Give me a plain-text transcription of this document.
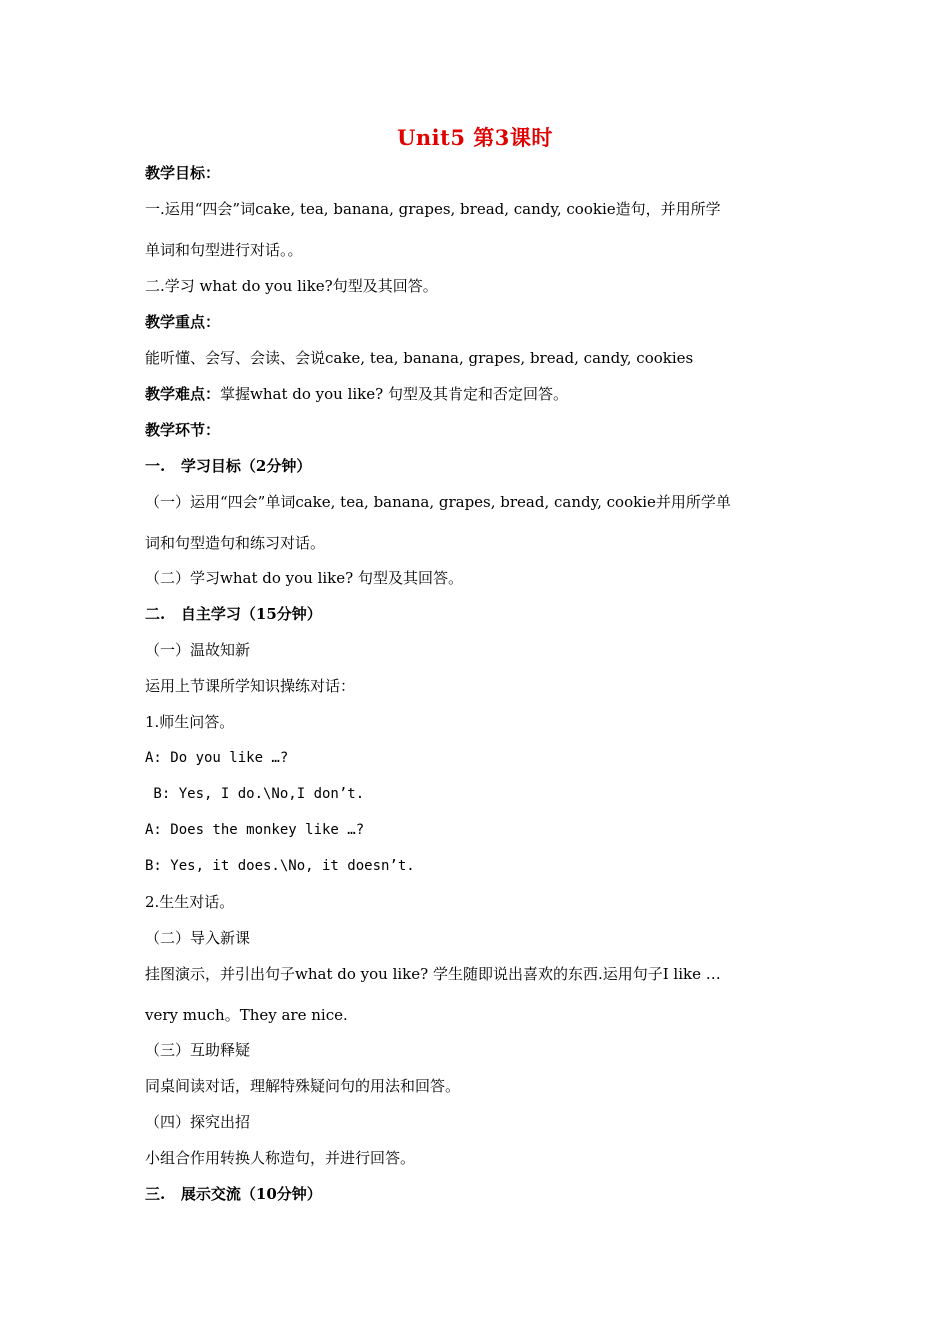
Unit5 第3课时
教学目标：
一.运用“四会”词cake, tea, banana, grapes, bread, candy, cookie造句，并用所学
单词和句型进行对话。。
二.学习 what do you like?句型及其回答。
教学重点：
能听懂、会写、会读、会说cake, tea, banana, grapes, bread, candy, cookies
教学难点：掌握what do you like? 句型及其肯定和否定回答。
教学环节：
一.   学习目标（2分钟）
（一）运用“四会”单词cake, tea, banana, grapes, bread, candy, cookie并用所学单
词和句型造句和练习对话。
（二）学习what do you like? 句型及其回答。
二.   自主学习（15分钟）
（一）温故知新
运用上节课所学知识操练对话：
1.师生问答。
A: Do you like …?
B: Yes, I do.\No,I don’t.
A: Does the monkey like …?
B: Yes, it does.\No, it doesn’t.
2.生生对话。
（二）导入新课
挂图演示，并引出句子what do you like? 学生随即说出喜欢的东西.运用句子I like …
very much。They are nice.
（三）互助释疑
同桌间读对话，理解特殊疑问句的用法和回答。
（四）探究出招
小组合作用转换人称造句，并进行回答。
三.   展示交流（10分钟）
